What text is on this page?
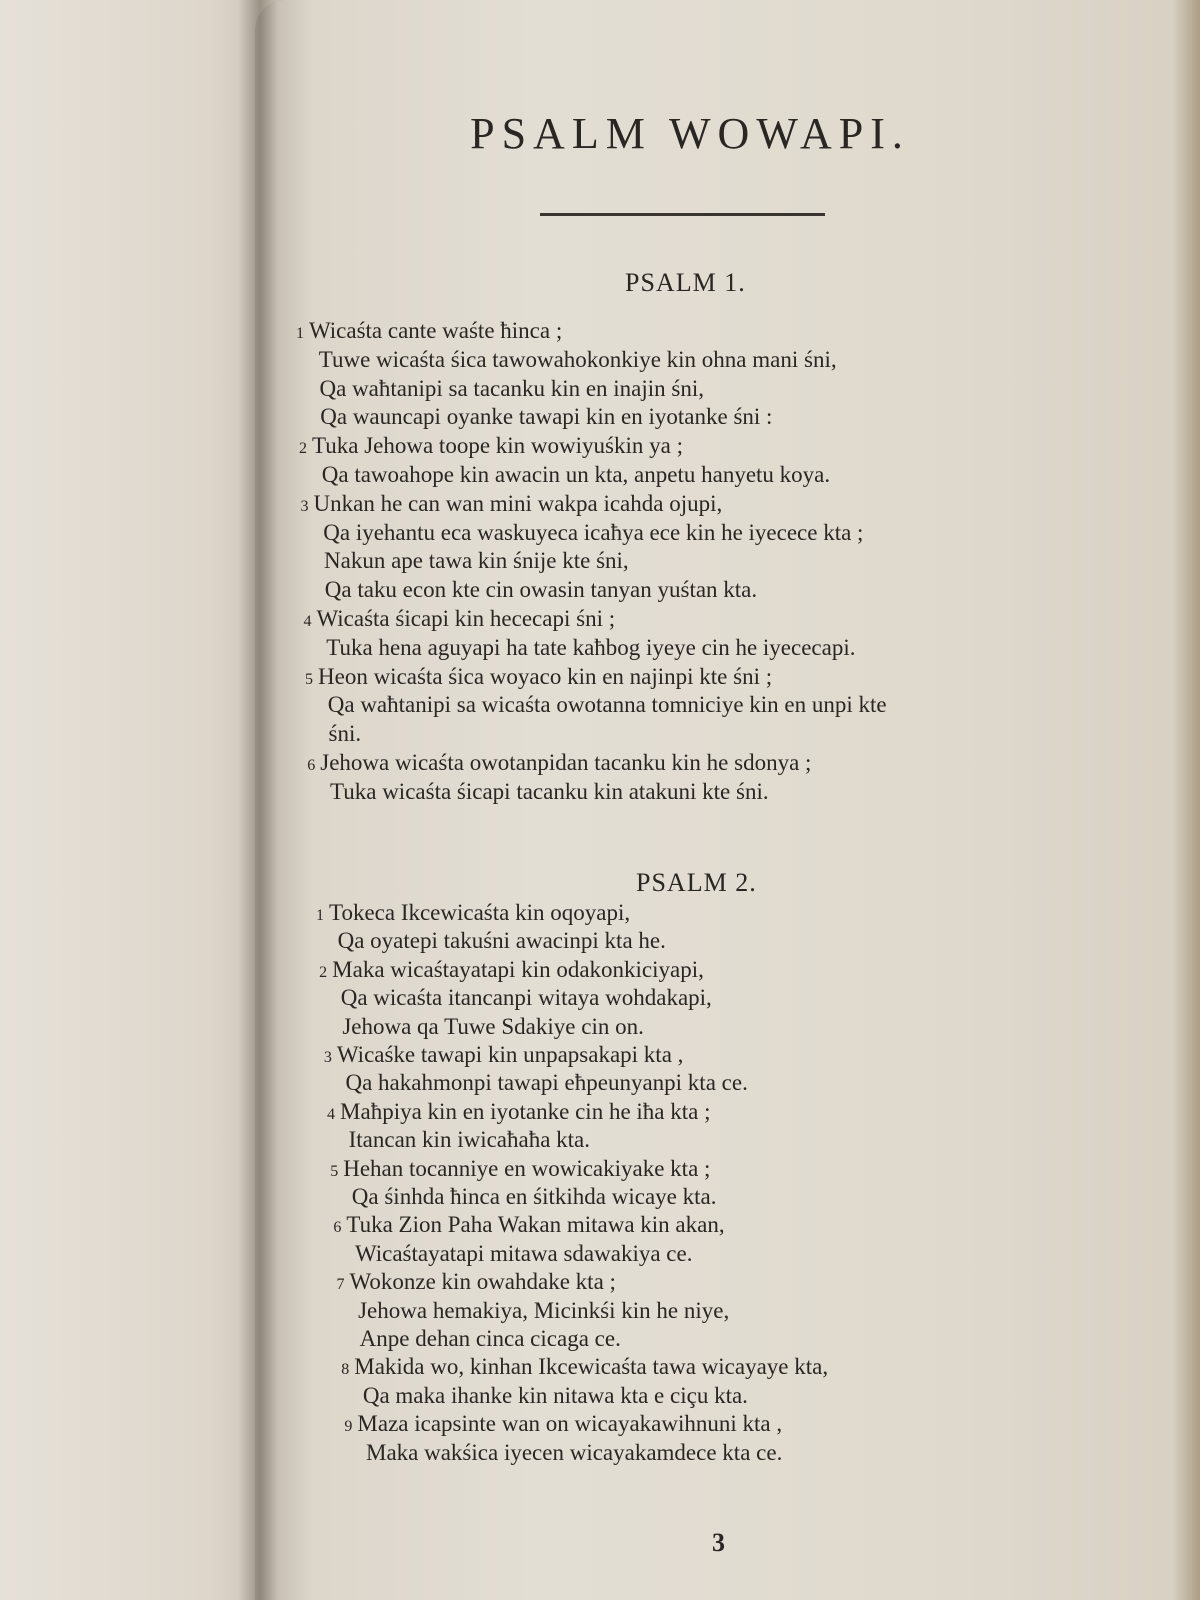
PSALM WOWAPI.
PSALM 1.
1 Wicaśta cante waśte ħinca ;
Tuwe wicaśta śica tawowahokonkiye kin ohna mani śni,
Qa waħtanipi sa tacanku kin en inajin śni,
Qa wauncapi oyanke tawapi kin en iyotanke śni :
2 Tuka Jehowa toope kin wowiyuśkin ya ;
Qa tawoahope kin awacin un kta, anpetu hanyetu koya.
3 Unkan he can wan mini wakpa icahda ojupi,
Qa iyehantu eca waskuyeca icaħya ece kin he iyecece kta ;
Nakun ape tawa kin śnije kte śni,
Qa taku econ kte cin owasin tanyan yuśtan kta.
4 Wicaśta śicapi kin hececapi śni ;
Tuka hena aguyapi ha tate kaħbog iyeye cin he iyececapi.
5 Heon wicaśta śica woyaco kin en najinpi kte śni ;
Qa waħtanipi sa wicaśta owotanna tomniciye kin en unpi kte
śni.
6 Jehowa wicaśta owotanpidan tacanku kin he sdonya ;
Tuka wicaśta śicapi tacanku kin atakuni kte śni.
PSALM 2.
1 Tokeca Ikcewicaśta kin oqoyapi,
Qa oyatepi takuśni awacinpi kta he.
2 Maka wicaśtayatapi kin odakonkiciyapi,
Qa wicaśta itancanpi witaya wohdakapi,
Jehowa qa Tuwe Sdakiye cin on.
3 Wicaśke tawapi kin unpapsakapi kta ,
Qa hakahmonpi tawapi eħpeunyanpi kta ce.
4 Maħpiya kin en iyotanke cin he iħa kta ;
Itancan kin iwicaħaħa kta.
5 Hehan tocanniye en wowicakiyake kta ;
Qa śinhda ħinca en śitkihda wicaye kta.
6 Tuka Zion Paha Wakan mitawa kin akan,
Wicaśtayatapi mitawa sdawakiya ce.
7 Wokonze kin owahdake kta ;
Jehowa hemakiya, Micinkśi kin he niye,
Anpe dehan cinca cicaga ce.
8 Makida wo, kinhan Ikcewicaśta tawa wicayaye kta,
Qa maka ihanke kin nitawa kta e ciçu kta.
9 Maza icapsinte wan on wicayakawihnuni kta ,
Maka wakśica iyecen wicayakamdece kta ce.
3
